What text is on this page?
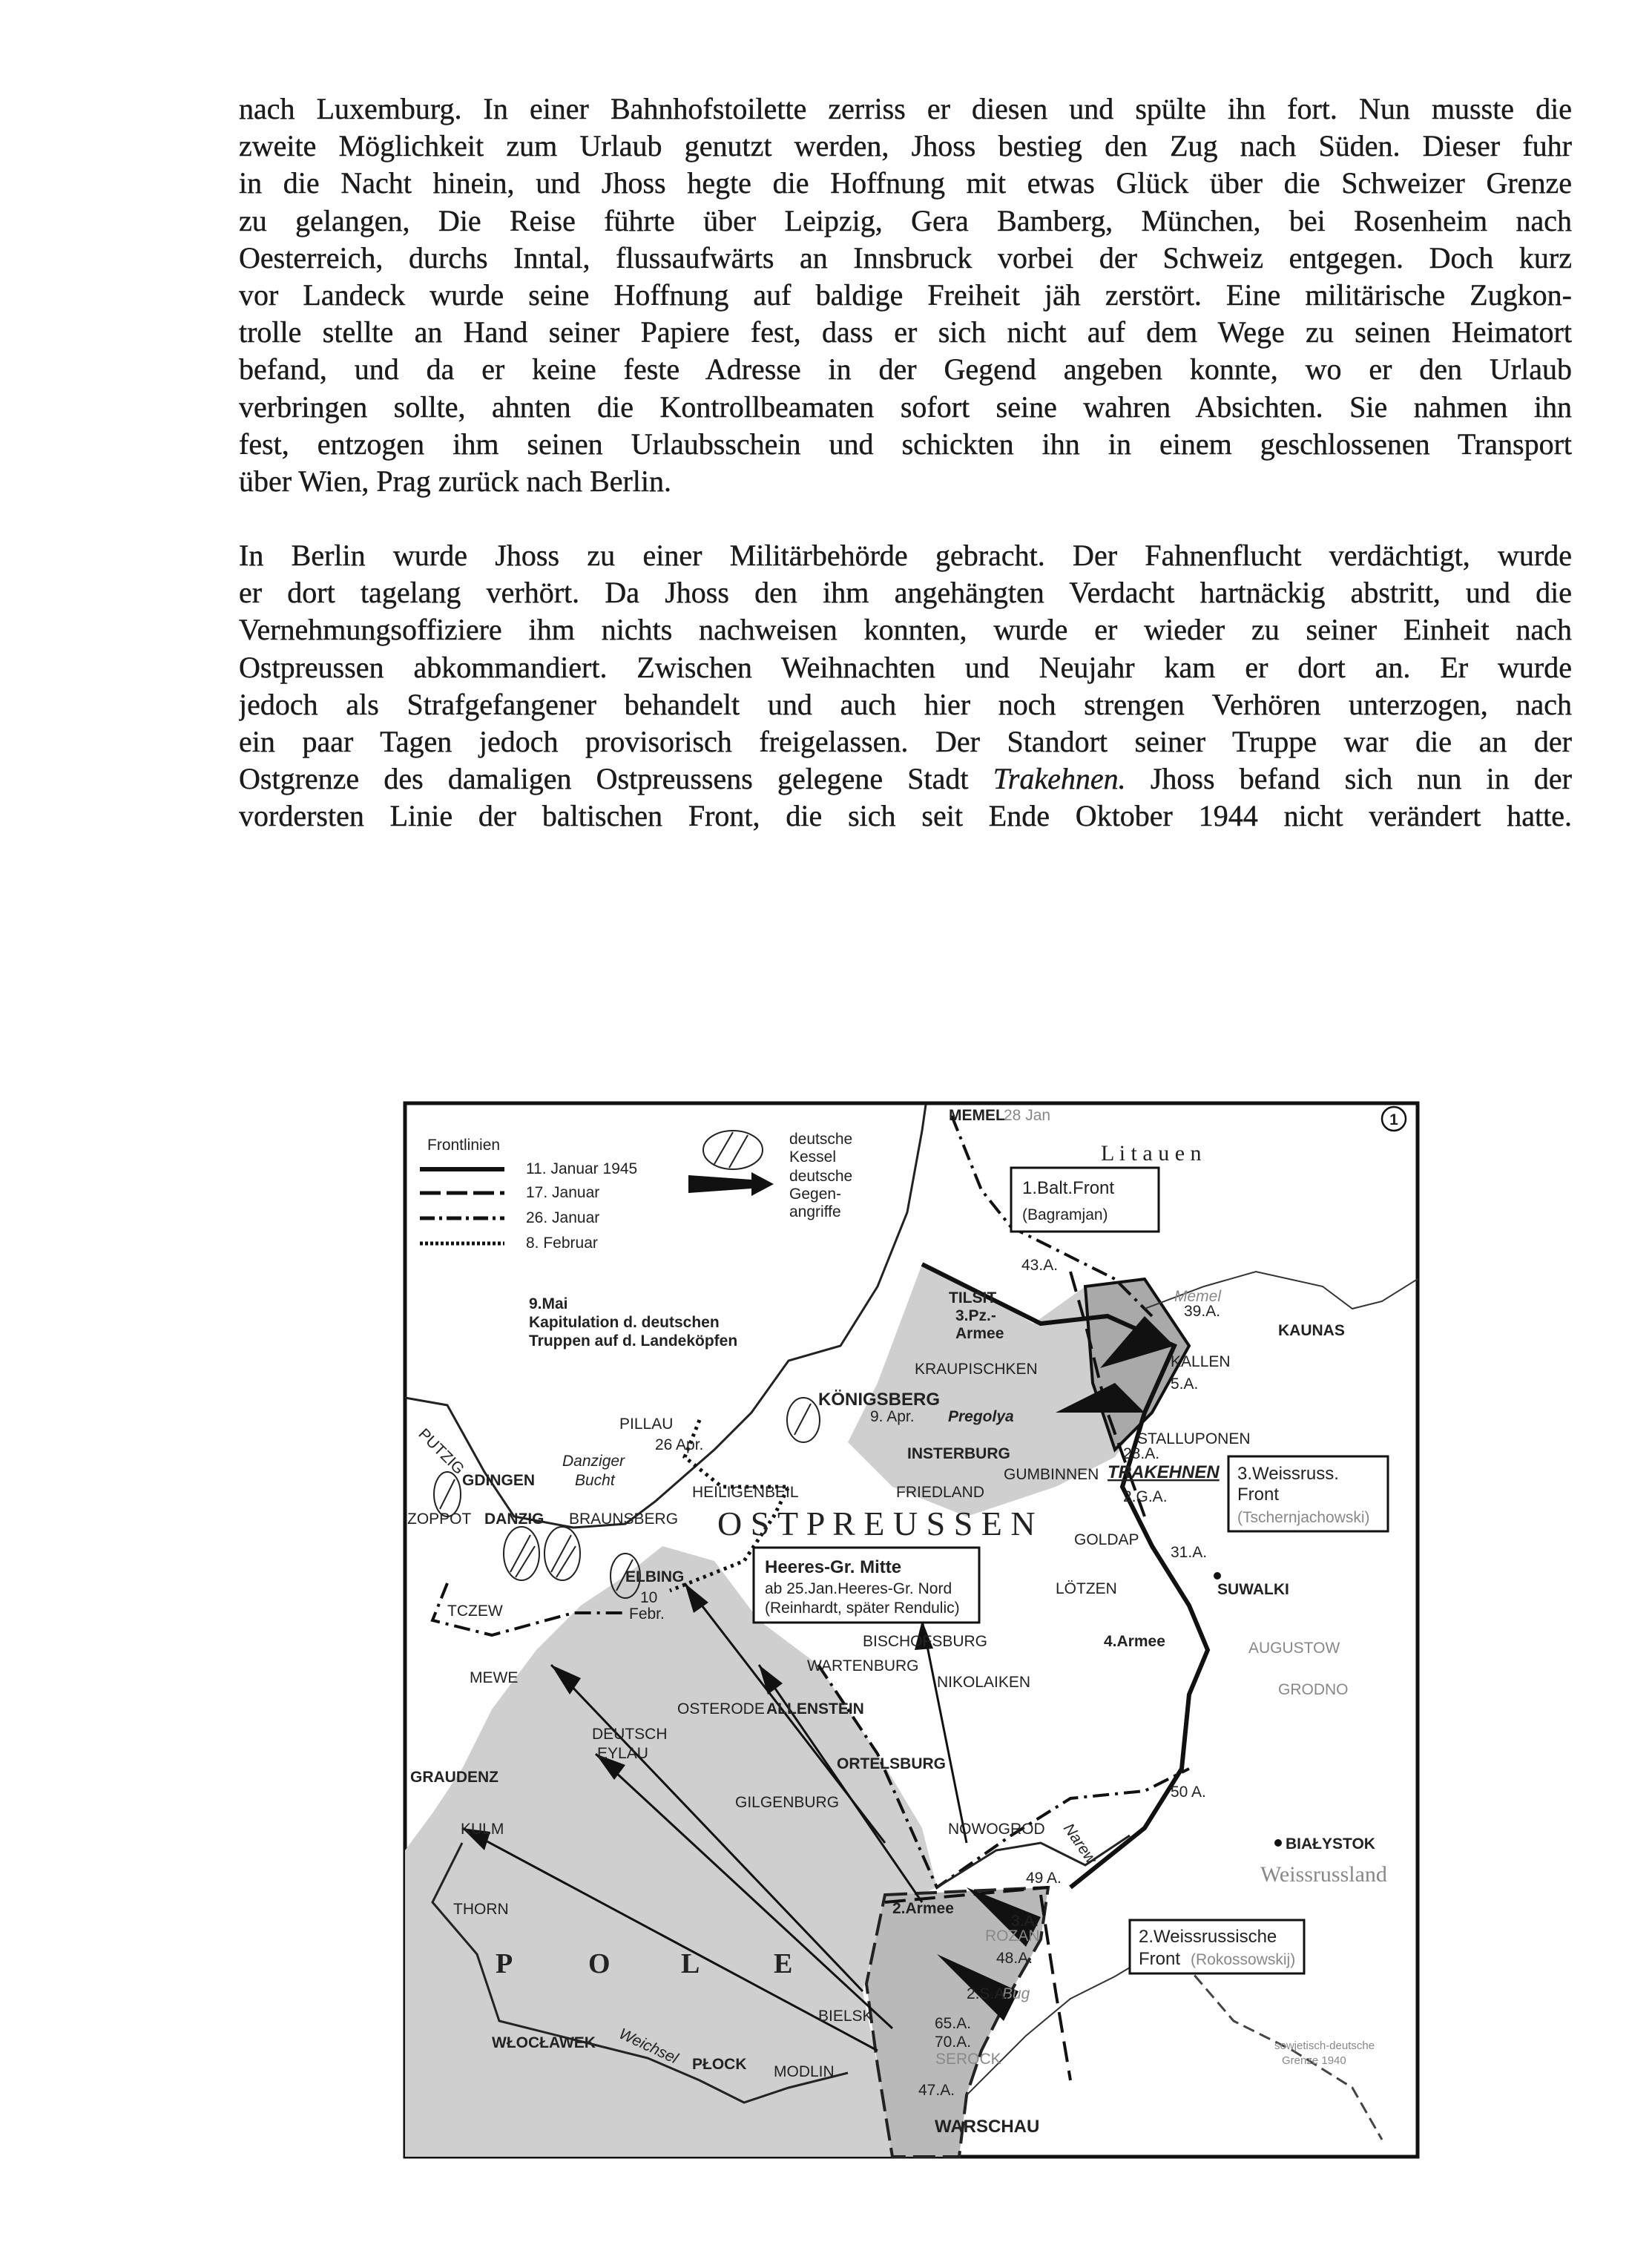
nach Luxemburg. In einer Bahnhofstoilette zerriss er diesen und spülte ihn fort. Nun musste die
zweite Möglichkeit zum Urlaub genutzt werden, Jhoss bestieg den Zug nach Süden. Dieser fuhr
in die Nacht hinein, und Jhoss hegte die Hoffnung mit etwas Glück über die Schweizer Grenze
zu gelangen, Die Reise führte über Leipzig, Gera Bamberg, München, bei Rosenheim nach
Oesterreich, durchs Inntal, flussaufwärts an Innsbruck vorbei der Schweiz entgegen. Doch kurz
vor Landeck wurde seine Hoffnung auf baldige Freiheit jäh zerstört. Eine militärische Zugkon-
trolle stellte an Hand seiner Papiere fest, dass er sich nicht auf dem Wege zu seinen Heimatort
befand, und da er keine feste Adresse in der Gegend angeben konnte, wo er den Urlaub
verbringen sollte, ahnten die Kontrollbeamaten sofort seine wahren Absichten. Sie nahmen ihn
fest, entzogen ihm seinen Urlaubsschein und schickten ihn in einem geschlossenen Transport
über Wien, Prag zurück nach Berlin.
In Berlin wurde Jhoss zu einer Militärbehörde gebracht. Der Fahnenflucht verdächtigt, wurde
er dort tagelang verhört. Da Jhoss den ihm angehängten Verdacht hartnäckig abstritt, und die
Vernehmungsoffiziere ihm nichts nachweisen konnten, wurde er wieder zu seiner Einheit nach
Ostpreussen abkommandiert. Zwischen Weihnachten und Neujahr kam er dort an. Er wurde
jedoch als Strafgefangener behandelt und auch hier noch strengen Verhören unterzogen, nach
ein paar Tagen jedoch provisorisch freigelassen. Der Standort seiner Truppe war die an der
Ostgrenze des damaligen Ostpreussens gelegene Stadt Trakehnen. Jhoss befand sich nun in der
vordersten Linie der baltischen Front, die sich seit Ende Oktober 1944 nicht verändert hatte.
Frontlinien
11. Januar 1945
17. Januar
26. Januar
8. Februar
deutsche
Kessel
deutsche
Gegen-
angriffe
1
9.Mai
Kapitulation d. deutschen
Truppen auf d. Landeköpfen
1.Balt.Front
(Bagramjan)
3.Weissruss.
Front
(Tschernjachowski)
Heeres-Gr. Mitte
ab 25.Jan.Heeres-Gr. Nord
(Reinhardt, später Rendulic)
2.Weissrussische
Front (Rokossowskij)
L i t a u e n
O S T P R E U S S E N
P	O	L	E
Weissrussland
MEMEL
28 Jan
KAUNAS
KALLEN
TILSIT
KRAUPISCHKEN
KÖNIGSBERG
9. Apr.
PILLAU
26 Apr.
PUTZIG
GDINGEN
Danziger
Bucht
INSTERBURG
GUMBINNEN
STALLUPONEN
TRAKEHNEN
HEILIGENBEIL	FRIEDLAND
ZOPPOT DANZIG BRAUNSBERG
GOLDAP
SUWALKI
ELBING
10
Febr.
LÖTZEN
TCZEW
AUGUSTOW
GRODNO
BISCHOFSBURG
MEWE
WARTENBURG
NIKOLAIKEN
OSTERODE ALLENSTEIN
DEUTSCH
EYLAU
ORTELSBURG
GRAUDENZ
GILGENBURG
NOWOGROD
KULM
BIAŁYSTOK
THORN
ROZAN
BIELSK
WŁOCŁAWEK
PŁOCK MODLIN
SEROCK
WARSCHAU
Memel
Pregolya
Narew
Bug
Weichsel
43.A.
39.A.
5.A.
28.A.
2.G.A.
31.A.
3.Pz.-
Armee
4.Armee
50 A.
49 A.
2.Armee
3.A.
48.A.
2.S.A.
65.A.
70.A.
47.A.
sowjetisch-deutsche
Grenze 1940
